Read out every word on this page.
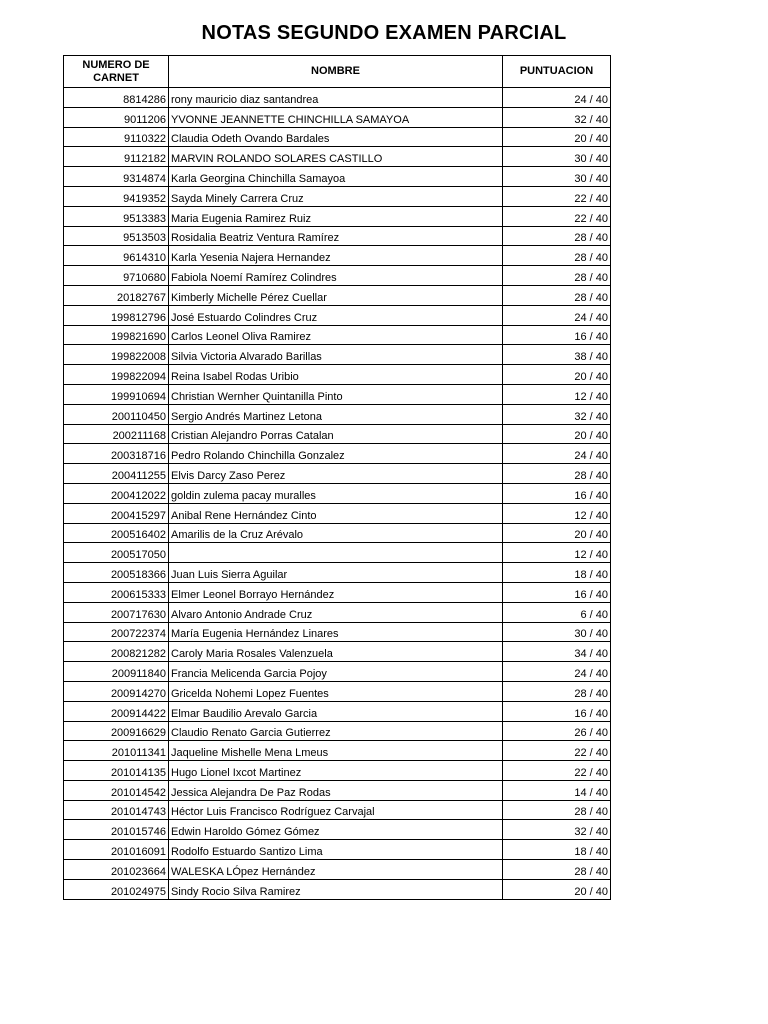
NOTAS SEGUNDO EXAMEN PARCIAL
NUMERO DE CARNET	NOMBRE	PUNTUACION
8814286	rony mauricio diaz santandrea	24 / 40
9011206	YVONNE JEANNETTE CHINCHILLA SAMAYOA	32 / 40
9110322	Claudia Odeth Ovando Bardales	20 / 40
9112182	MARVIN ROLANDO SOLARES CASTILLO	30 / 40
9314874	Karla Georgina Chinchilla Samayoa	30 / 40
9419352	Sayda Minely Carrera Cruz	22 / 40
9513383	Maria Eugenia Ramirez Ruiz	22 / 40
9513503	Rosidalia Beatriz Ventura Ramírez	28 / 40
9614310	Karla Yesenia Najera Hernandez	28 / 40
9710680	Fabiola Noemí Ramírez Colindres	28 / 40
20182767	Kimberly Michelle Pérez Cuellar	28 / 40
199812796	José Estuardo Colindres Cruz	24 / 40
199821690	Carlos Leonel Oliva Ramirez	16 / 40
199822008	Silvia Victoria Alvarado Barillas	38 / 40
199822094	Reina Isabel Rodas Uribio	20 / 40
199910694	Christian Wernher Quintanilla Pinto	12 / 40
200110450	Sergio Andrés Martinez Letona	32 / 40
200211168	Cristian Alejandro Porras Catalan	20 / 40
200318716	Pedro Rolando Chinchilla Gonzalez	24 / 40
200411255	Elvis Darcy Zaso Perez	28 / 40
200412022	goldin zulema pacay muralles	16 / 40
200415297	Anibal Rene Hernández Cinto	12 / 40
200516402	Amarilis de la Cruz Arévalo	20 / 40
200517050		12 / 40
200518366	Juan Luis Sierra Aguilar	18 / 40
200615333	Elmer Leonel Borrayo Hernández	16 / 40
200717630	Alvaro Antonio Andrade Cruz	6 / 40
200722374	María Eugenia Hernández Linares	30 / 40
200821282	Caroly Maria Rosales Valenzuela	34 / 40
200911840	Francia Melicenda Garcia Pojoy	24 / 40
200914270	Gricelda Nohemi Lopez Fuentes	28 / 40
200914422	Elmar Baudilio Arevalo Garcia	16 / 40
200916629	Claudio Renato Garcia Gutierrez	26 / 40
201011341	Jaqueline Mishelle Mena Lmeus	22 / 40
201014135	Hugo Lionel Ixcot Martinez	22 / 40
201014542	Jessica Alejandra De Paz Rodas	14 / 40
201014743	Héctor Luis Francisco Rodríguez Carvajal	28 / 40
201015746	Edwin Haroldo Gómez Gómez	32 / 40
201016091	Rodolfo Estuardo Santizo Lima	18 / 40
201023664	WALESKA LÓpez Hernández	28 / 40
201024975	Sindy Rocio Silva Ramirez	20 / 40
